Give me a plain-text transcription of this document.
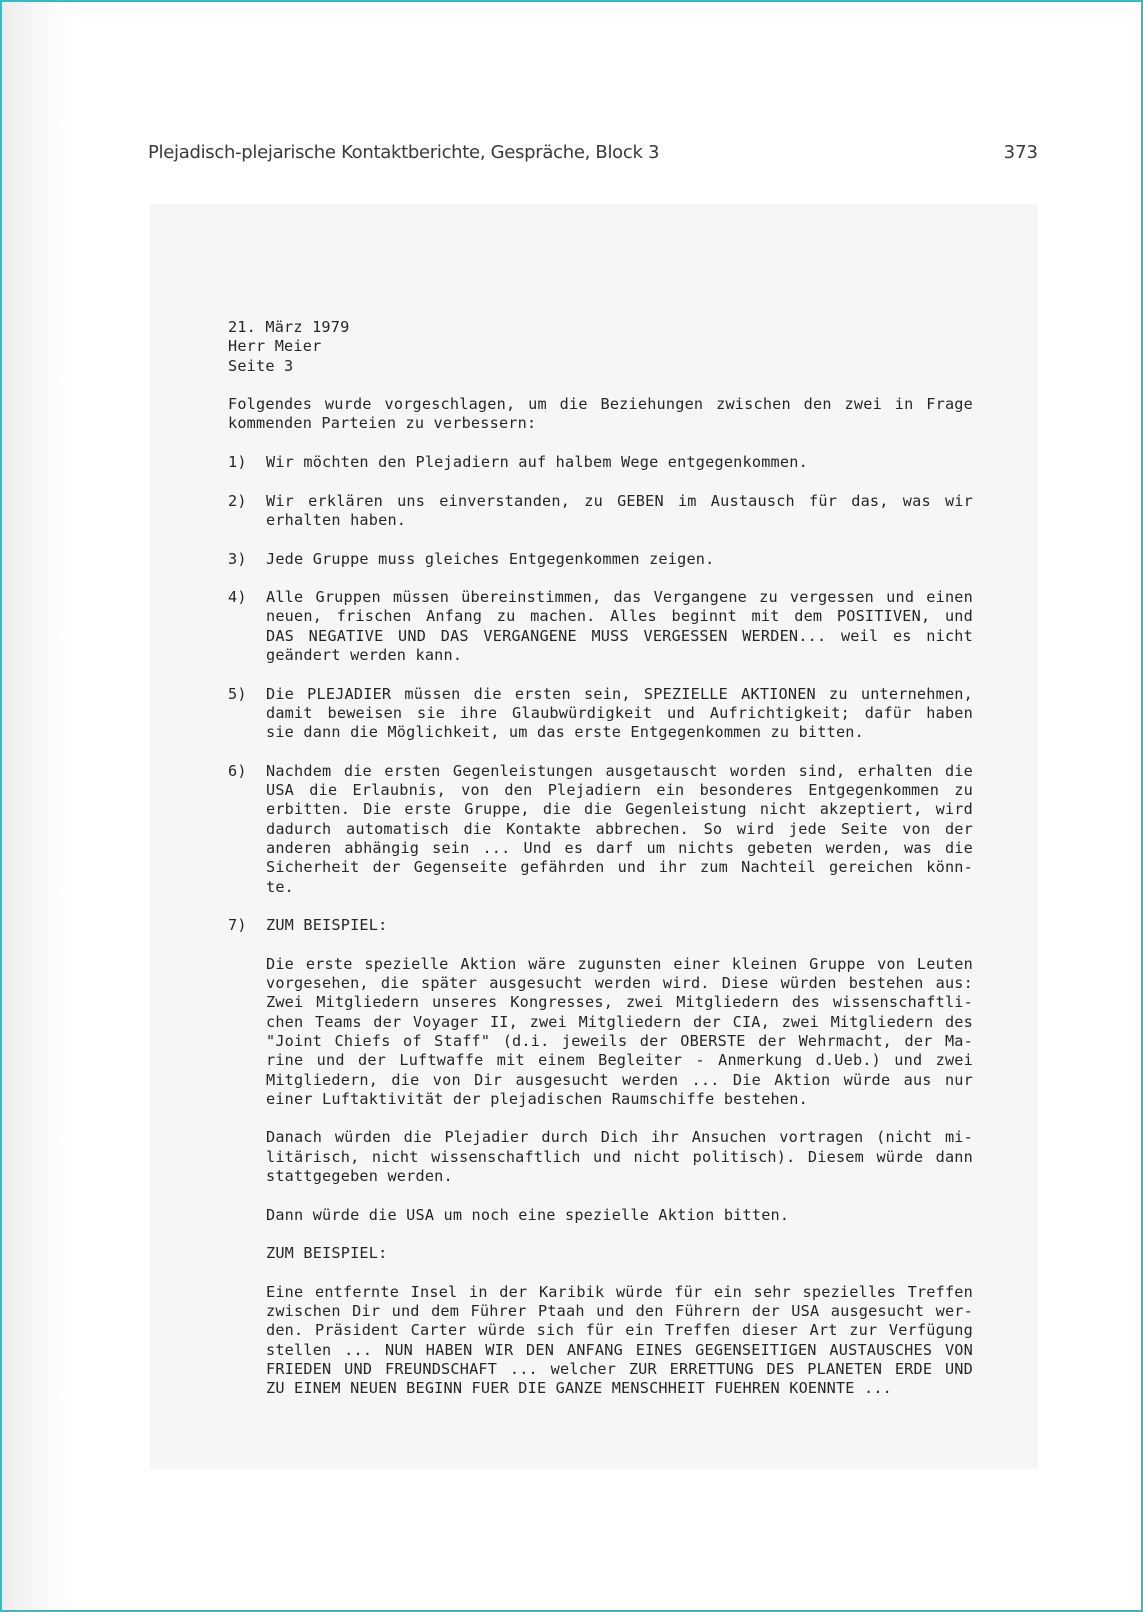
Plejadisch-plejarische Kontaktberichte, Gespräche, Block 3	373
21. März 1979
Herr Meier
Seite 3
Folgendes wurde vorgeschlagen, um die Beziehungen zwischen den zwei in Frage
kommenden Parteien zu verbessern:
1) Wir möchten den Plejadiern auf halbem Wege entgegenkommen.
2) Wir erklären uns einverstanden, zu GEBEN im Austausch für das, was wir
erhalten haben.
3) Jede Gruppe muss gleiches Entgegenkommen zeigen.
4) Alle Gruppen müssen übereinstimmen, das Vergangene zu vergessen und einen
neuen, frischen Anfang zu machen. Alles beginnt mit dem POSITIVEN, und
DAS NEGATIVE UND DAS VERGANGENE MUSS VERGESSEN WERDEN... weil es nicht
geändert werden kann.
5) Die PLEJADIER müssen die ersten sein, SPEZIELLE AKTIONEN zu unternehmen,
damit beweisen sie ihre Glaubwürdigkeit und Aufrichtigkeit; dafür haben
sie dann die Möglichkeit, um das erste Entgegenkommen zu bitten.
6) Nachdem die ersten Gegenleistungen ausgetauscht worden sind, erhalten die
USA die Erlaubnis, von den Plejadiern ein besonderes Entgegenkommen zu
erbitten. Die erste Gruppe, die die Gegenleistung nicht akzeptiert, wird
dadurch automatisch die Kontakte abbrechen. So wird jede Seite von der
anderen abhängig sein ... Und es darf um nichts gebeten werden, was die
Sicherheit der Gegenseite gefährden und ihr zum Nachteil gereichen könn-
te.
7) ZUM BEISPIEL:
Die erste spezielle Aktion wäre zugunsten einer kleinen Gruppe von Leuten
vorgesehen, die später ausgesucht werden wird. Diese würden bestehen aus:
Zwei Mitgliedern unseres Kongresses, zwei Mitgliedern des wissenschaftli-
chen Teams der Voyager II, zwei Mitgliedern der CIA, zwei Mitgliedern des
"Joint Chiefs of Staff" (d.i. jeweils der OBERSTE der Wehrmacht, der Ma-
rine und der Luftwaffe mit einem Begleiter - Anmerkung d.Ueb.) und zwei
Mitgliedern, die von Dir ausgesucht werden ... Die Aktion würde aus nur
einer Luftaktivität der plejadischen Raumschiffe bestehen.
Danach würden die Plejadier durch Dich ihr Ansuchen vortragen (nicht mi-
litärisch, nicht wissenschaftlich und nicht politisch). Diesem würde dann
stattgegeben werden.
Dann würde die USA um noch eine spezielle Aktion bitten.
ZUM BEISPIEL:
Eine entfernte Insel in der Karibik würde für ein sehr spezielles Treffen
zwischen Dir und dem Führer Ptaah und den Führern der USA ausgesucht wer-
den. Präsident Carter würde sich für ein Treffen dieser Art zur Verfügung
stellen ... NUN HABEN WIR DEN ANFANG EINES GEGENSEITIGEN AUSTAUSCHES VON
FRIEDEN UND FREUNDSCHAFT ... welcher ZUR ERRETTUNG DES PLANETEN ERDE UND
ZU EINEM NEUEN BEGINN FUER DIE GANZE MENSCHHEIT FUEHREN KOENNTE ...
